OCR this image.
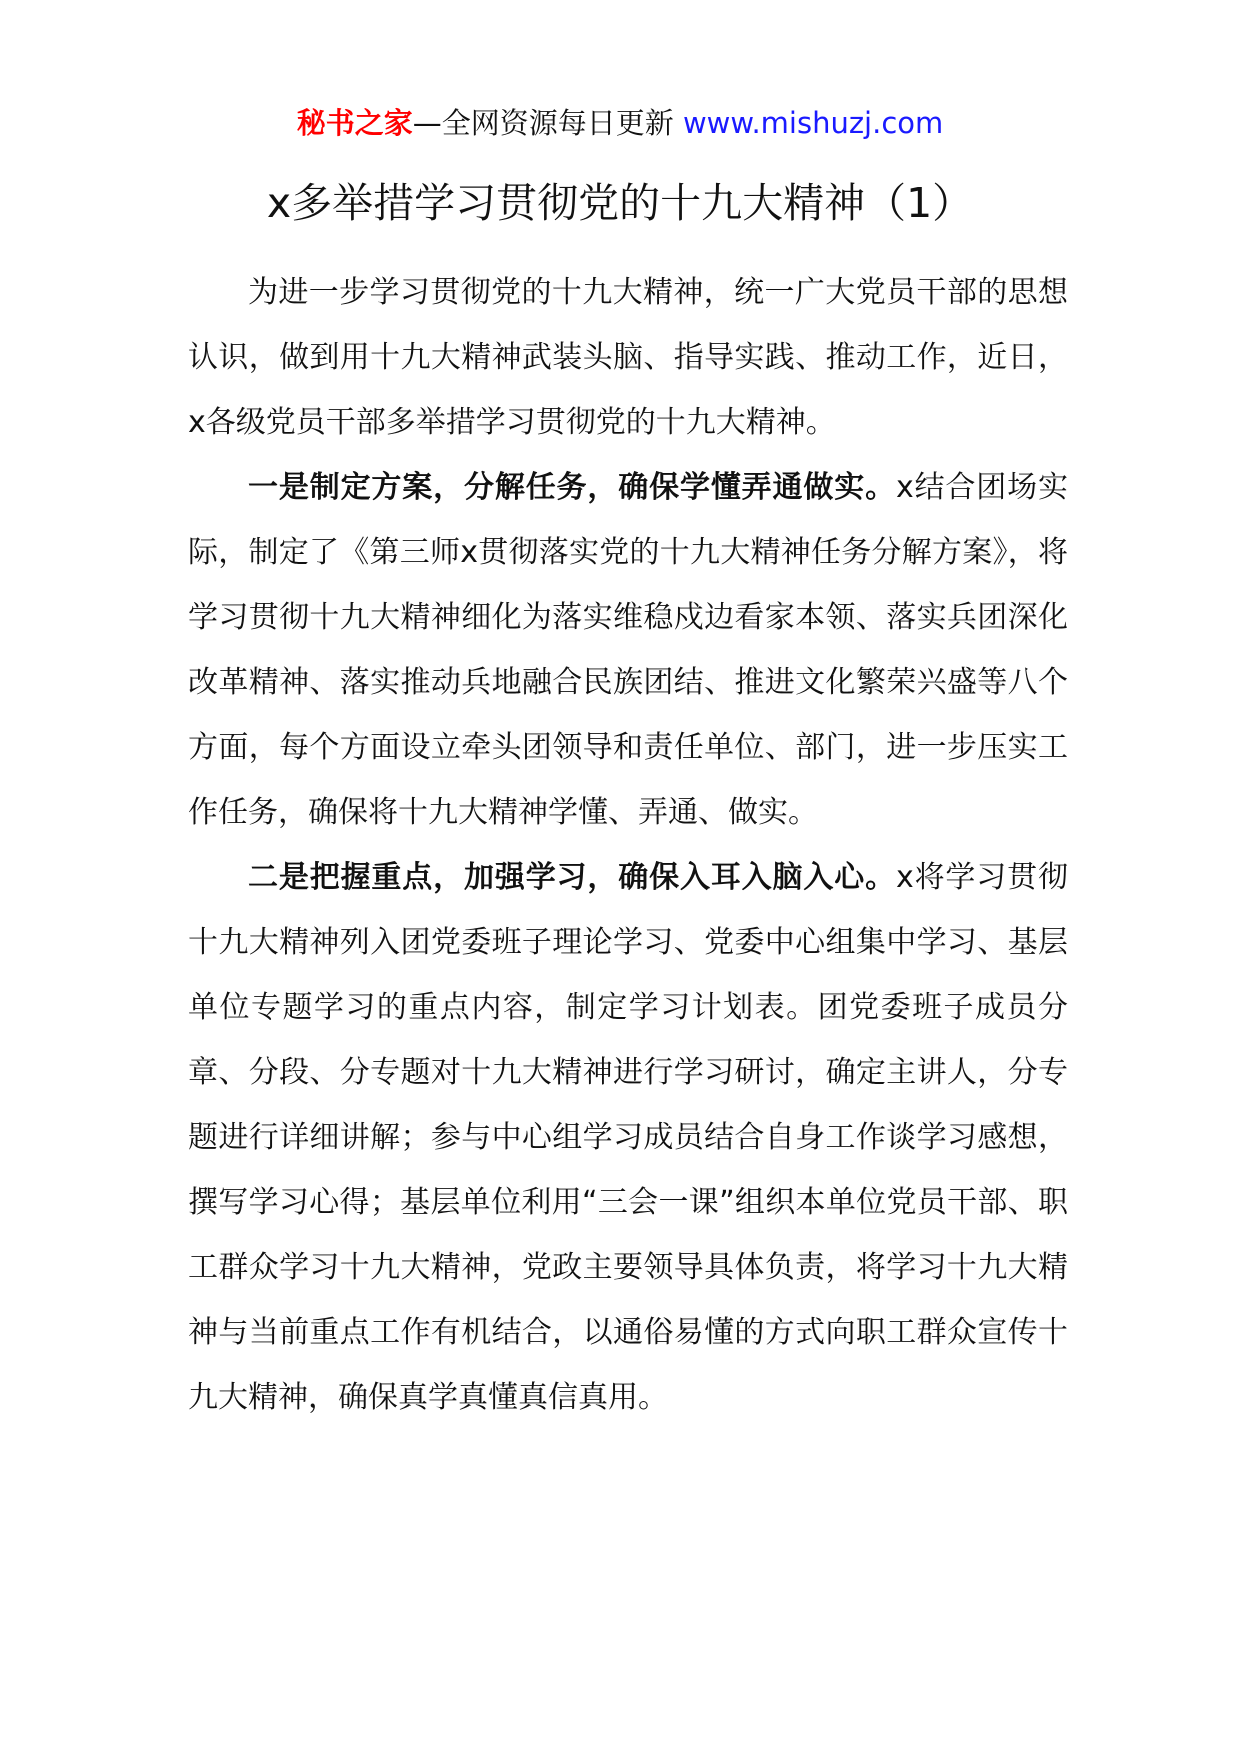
秘书之家—全网资源每日更新 www.mishuzj.com
x多举措学习贯彻党的十九大精神（1）

为进一步学习贯彻党的十九大精神，统一广大党员干部的思想认识，做到用十九大精神武装头脑、指导实践、推动工作，近日，x各级党员干部多举措学习贯彻党的十九大精神。

一是制定方案，分解任务，确保学懂弄通做实。x结合团场实际，制定了《第三师x贯彻落实党的十九大精神任务分解方案》，将学习贯彻十九大精神细化为落实维稳戍边看家本领、落实兵团深化改革精神、落实推动兵地融合民族团结、推进文化繁荣兴盛等八个方面，每个方面设立牵头团领导和责任单位、部门，进一步压实工作任务，确保将十九大精神学懂、弄通、做实。

二是把握重点，加强学习，确保入耳入脑入心。x将学习贯彻十九大精神列入团党委班子理论学习、党委中心组集中学习、基层单位专题学习的重点内容，制定学习计划表。团党委班子成员分章、分段、分专题对十九大精神进行学习研讨，确定主讲人，分专题进行详细讲解；参与中心组学习成员结合自身工作谈学习感想，撰写学习心得；基层单位利用“三会一课”组织本单位党员干部、职工群众学习十九大精神，党政主要领导具体负责，将学习十九大精神与当前重点工作有机结合，以通俗易懂的方式向职工群众宣传十九大精神，确保真学真懂真信真用。
